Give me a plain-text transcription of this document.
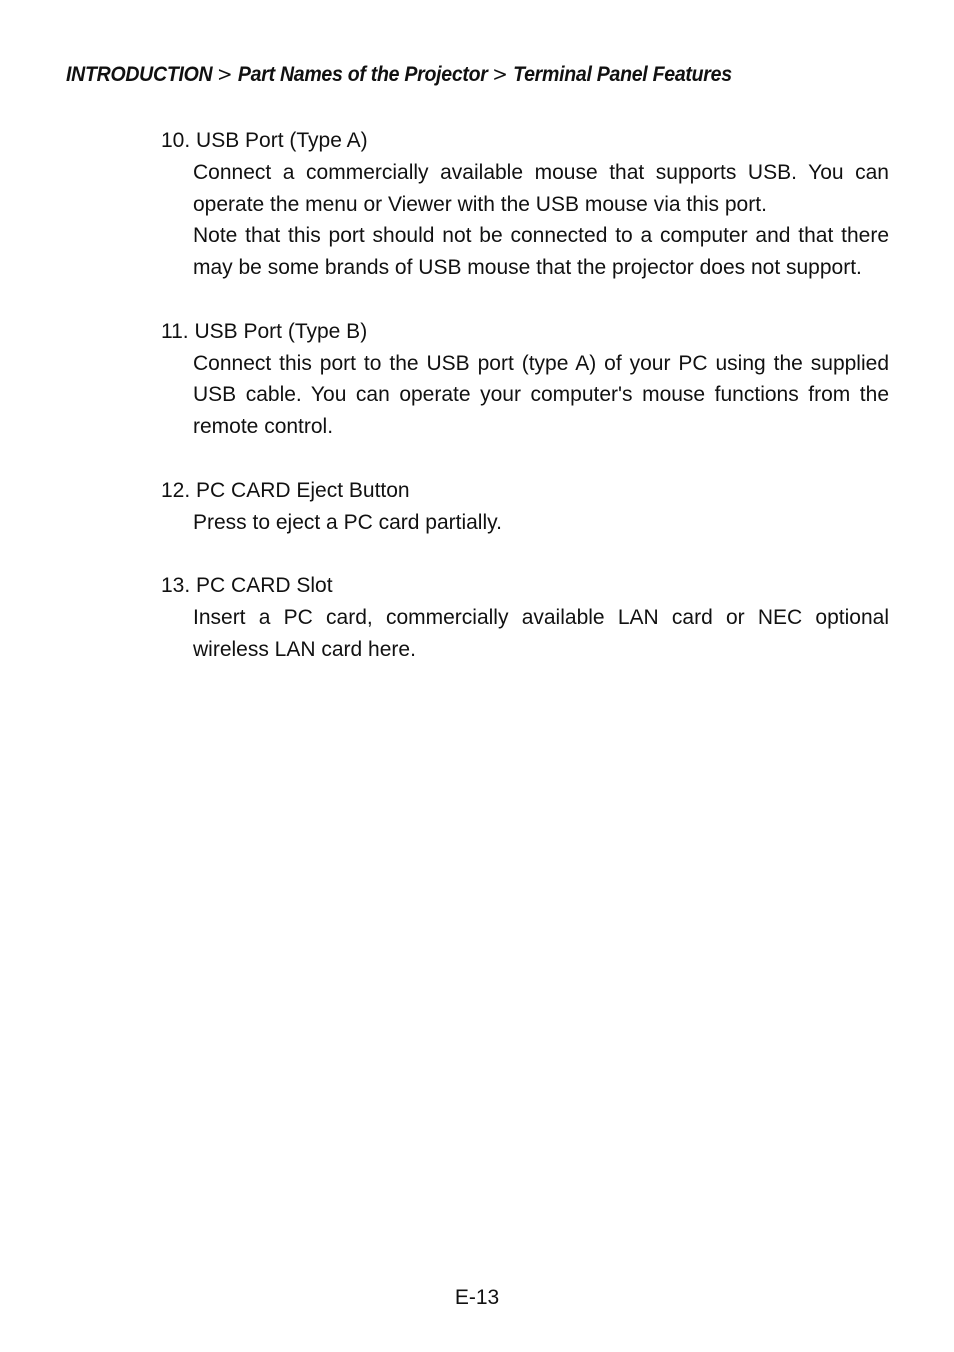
INTRODUCTION > Part Names of the Projector > Terminal Panel Features
10. USB Port (Type A)

Connect a commercially available mouse that supports USB. You can operate the menu or Viewer with the USB mouse via this port.

Note that this port should not be connected to a computer and that there may be some brands of USB mouse that the projector does not support.

11. USB Port (Type B)

Connect this port to the USB port (type A) of your PC using the supplied USB cable. You can operate your computer's mouse functions from the remote control.

12. PC CARD Eject Button

Press to eject a PC card partially.

13. PC CARD Slot

Insert a PC card, commercially available LAN card or NEC optional wireless LAN card here.

E-13
